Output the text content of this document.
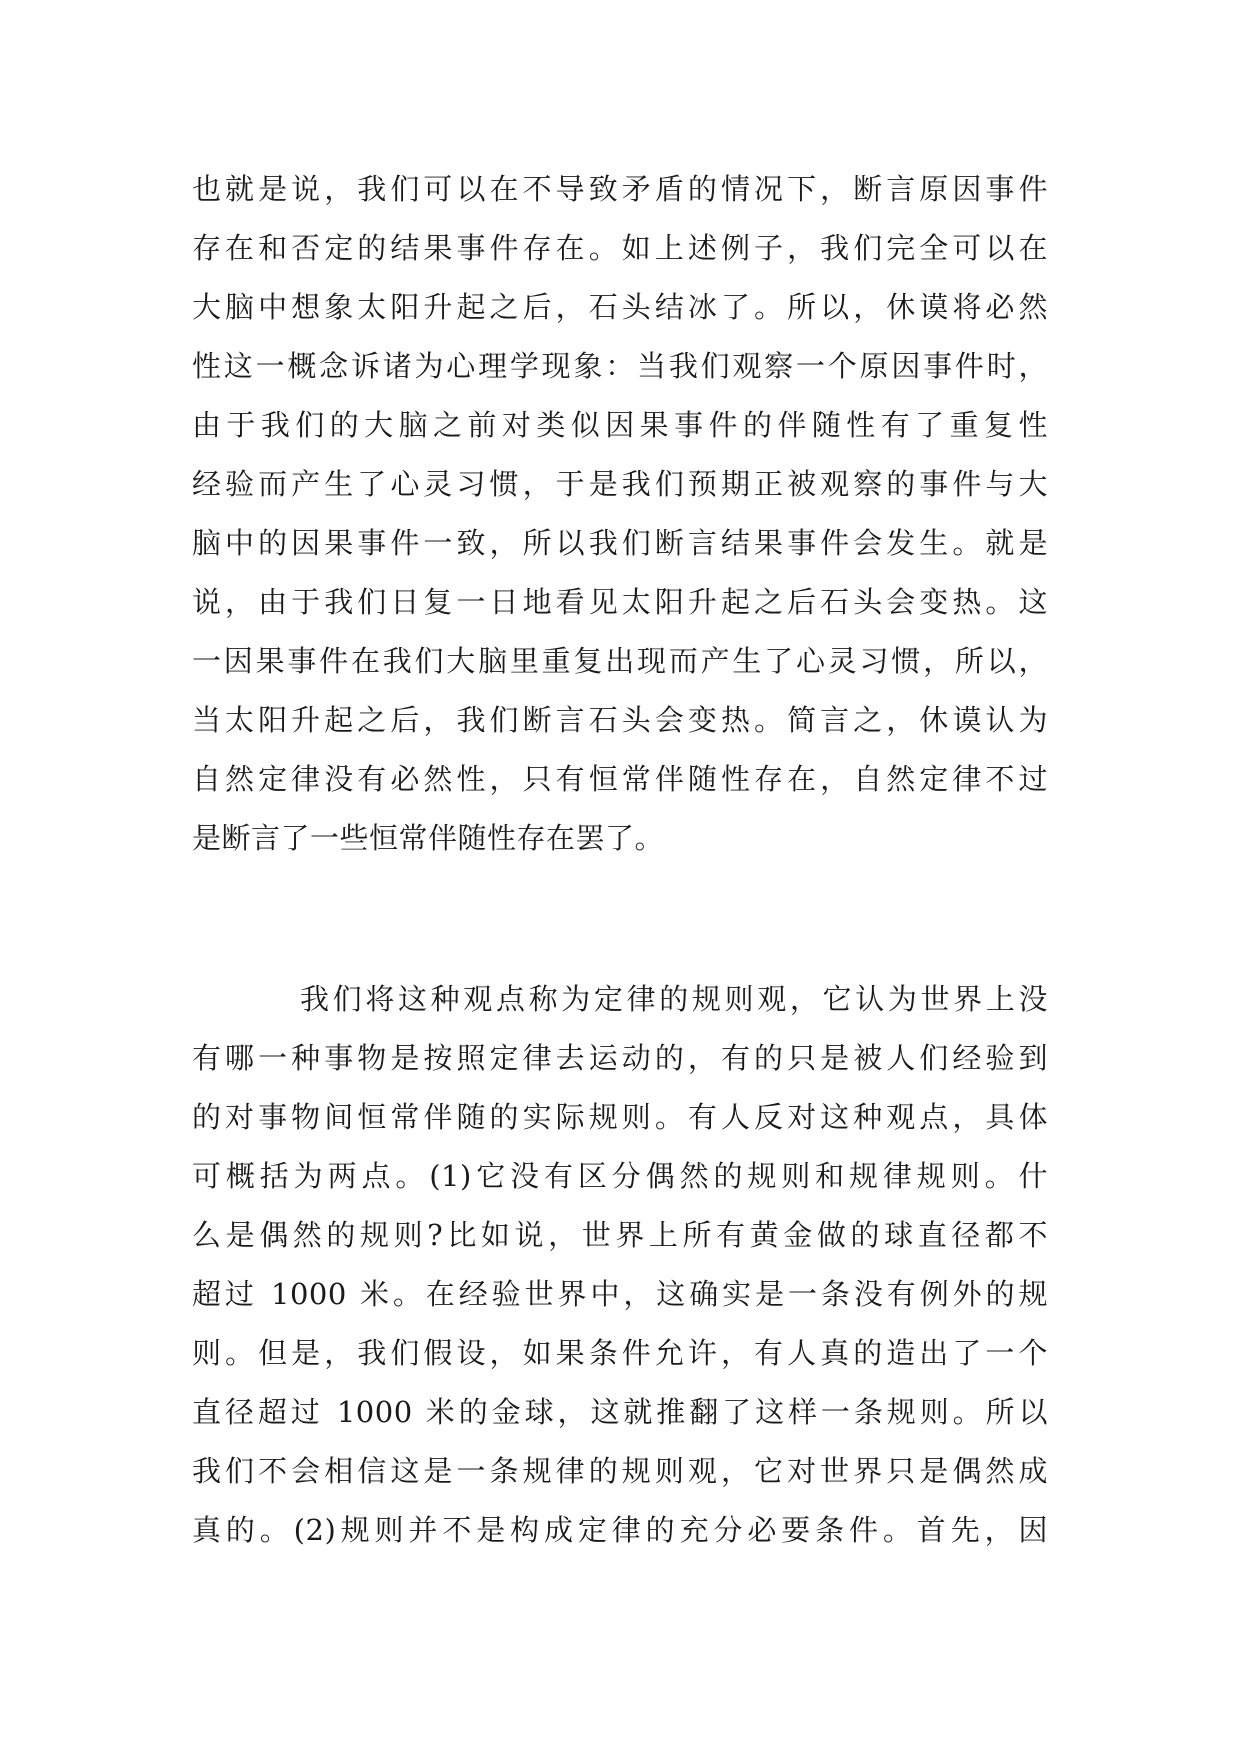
也就是说，我们可以在不导致矛盾的情况下，断言原因事件
存在和否定的结果事件存在。如上述例子，我们完全可以在
大脑中想象太阳升起之后，石头结冰了。所以，休谟将必然
性这一概念诉诸为心理学现象：当我们观察一个原因事件时，
由于我们的大脑之前对类似因果事件的伴随性有了重复性
经验而产生了心灵习惯，于是我们预期正被观察的事件与大
脑中的因果事件一致，所以我们断言结果事件会发生。就是
说，由于我们日复一日地看见太阳升起之后石头会变热。这
一因果事件在我们大脑里重复出现而产生了心灵习惯，所以，
当太阳升起之后，我们断言石头会变热。简言之，休谟认为
自然定律没有必然性，只有恒常伴随性存在，自然定律不过
是断言了一些恒常伴随性存在罢了。
我们将这种观点称为定律的规则观，它认为世界上没
有哪一种事物是按照定律去运动的，有的只是被人们经验到
的对事物间恒常伴随的实际规则。有人反对这种观点，具体
可概括为两点。(1)它没有区分偶然的规则和规律规则。什
么是偶然的规则?比如说，世界上所有黄金做的球直径都不
超过 1000 米。在经验世界中，这确实是一条没有例外的规
则。但是，我们假设，如果条件允许，有人真的造出了一个
直径超过 1000 米的金球，这就推翻了这样一条规则。所以
我们不会相信这是一条规律的规则观，它对世界只是偶然成
真的。(2)规则并不是构成定律的充分必要条件。首先，因
